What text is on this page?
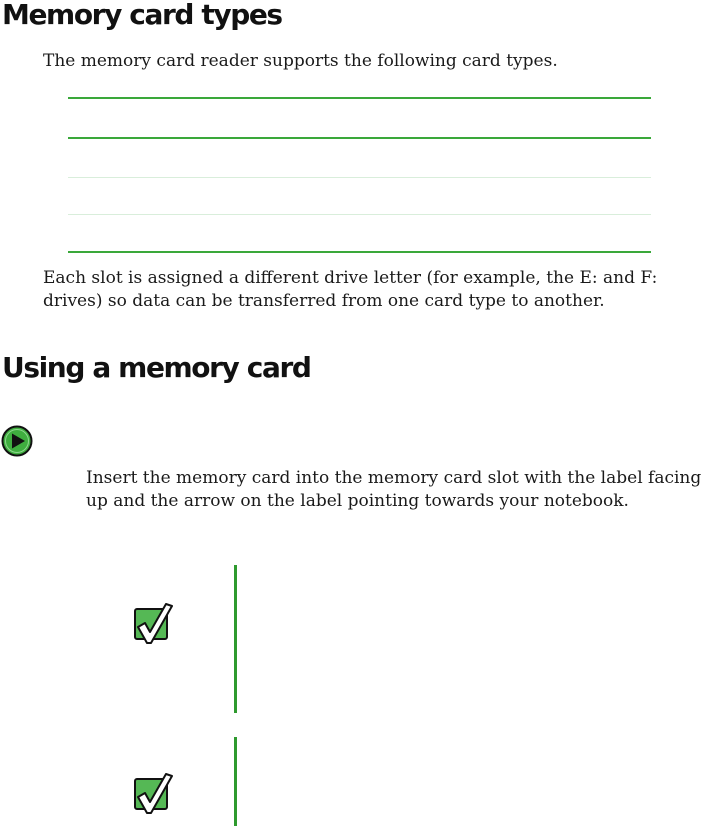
Memory card types

The memory card reader supports the following card types.

Each slot is assigned a different drive letter (for example, the E: and F: drives) so data can be transferred from one card type to another.

Using a memory card

Insert the memory card into the memory card slot with the label facing up and the arrow on the label pointing towards your notebook.
